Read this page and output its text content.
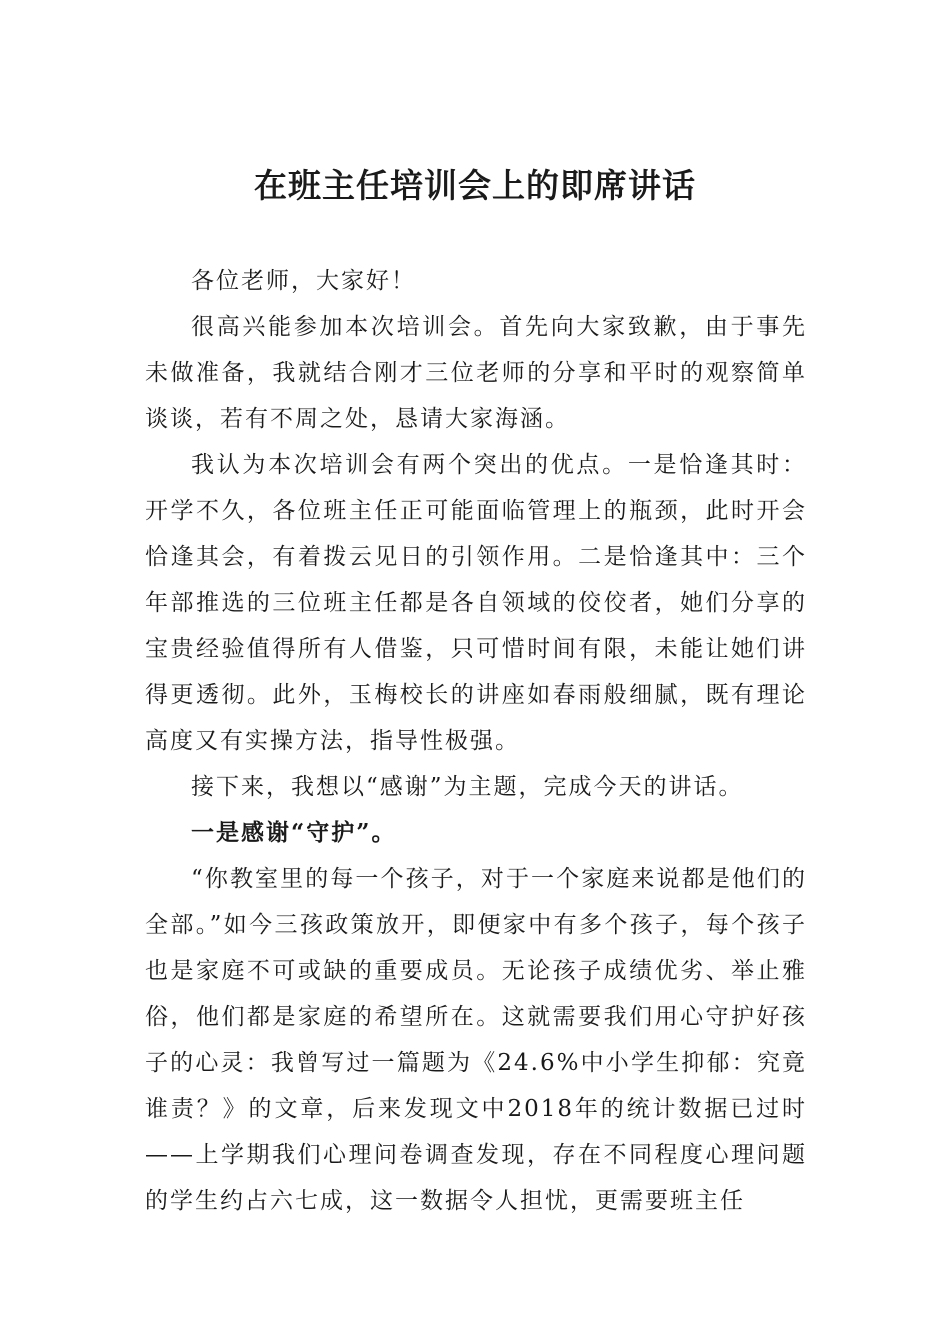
在班主任培训会上的即席讲话

各位老师，大家好！

很高兴能参加本次培训会。首先向大家致歉，由于事先未做准备，我就结合刚才三位老师的分享和平时的观察简单谈谈，若有不周之处，恳请大家海涵。

我认为本次培训会有两个突出的优点。一是恰逢其时：开学不久，各位班主任正可能面临管理上的瓶颈，此时开会恰逢其会，有着拨云见日的引领作用。二是恰逢其中：三个年部推选的三位班主任都是各自领域的佼佼者，她们分享的宝贵经验值得所有人借鉴，只可惜时间有限，未能让她们讲得更透彻。此外，玉梅校长的讲座如春雨般细腻，既有理论高度又有实操方法，指导性极强。

接下来，我想以“感谢”为主题，完成今天的讲话。

一是感谢“守护”。

“你教室里的每一个孩子，对于一个家庭来说都是他们的全部。”如今三孩政策放开，即便家中有多个孩子，每个孩子也是家庭不可或缺的重要成员。无论孩子成绩优劣、举止雅俗，他们都是家庭的希望所在。这就需要我们用心守护好孩子的心灵：我曾写过一篇题为《24.6%中小学生抑郁：究竟谁责？》的文章，后来发现文中2018年的统计数据已过时——上学期我们心理问卷调查发现，存在不同程度心理问题的学生约占六七成，这一数据令人担忧，更需要班主任
